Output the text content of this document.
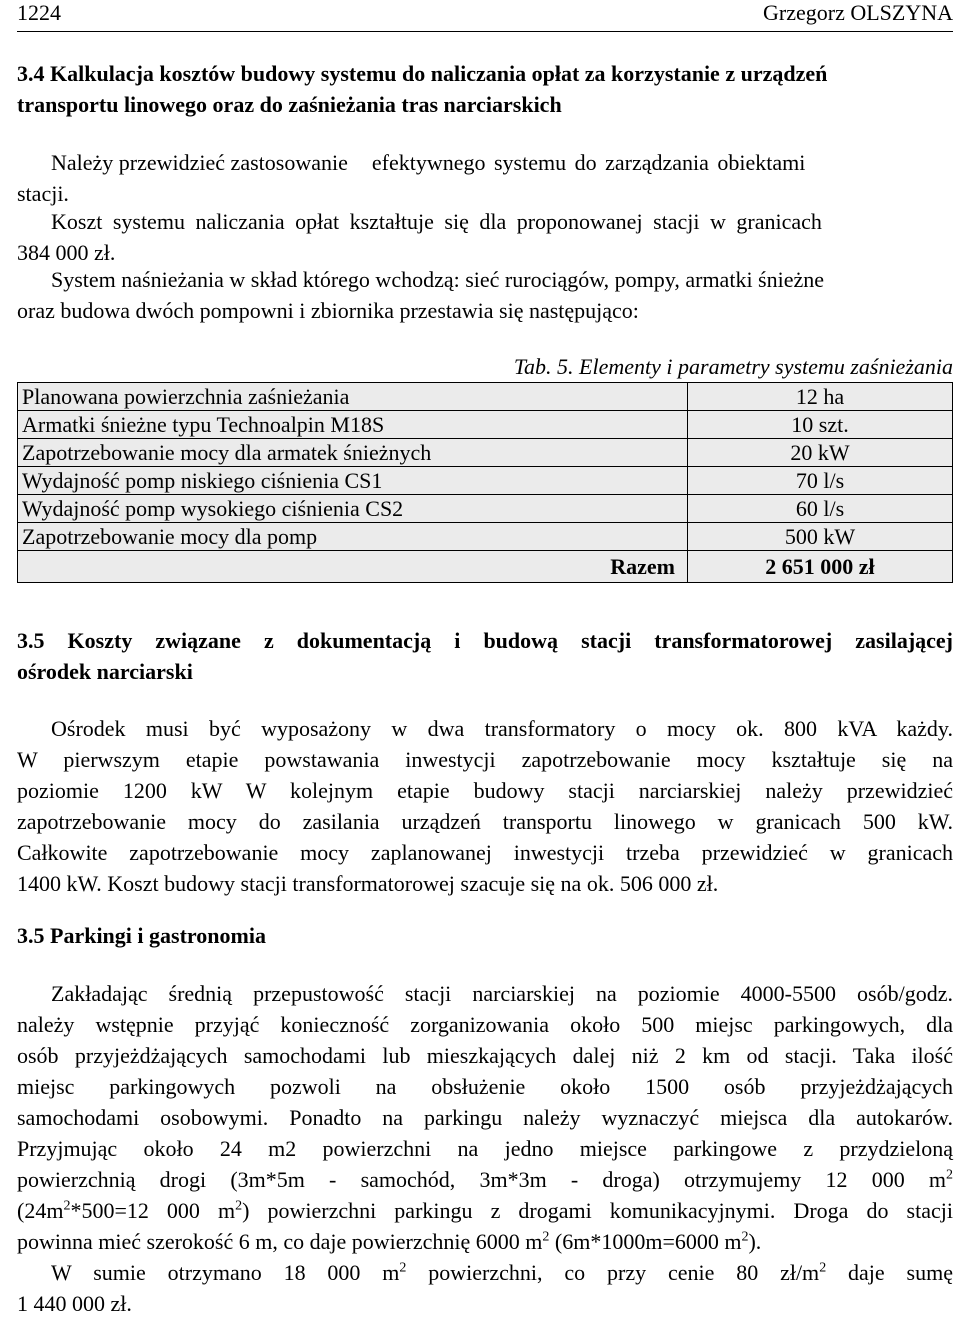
1224	Grzegorz OLSZYNA
3.4 Kalkulacja kosztów budowy systemu do naliczania opłat za korzystanie z urządzeń
transportu linowego oraz do zaśnieżania tras narciarskich
Należy przewidzieć zastosowanie efektywnego systemu do zarządzania obiektami
stacji.
Koszt systemu naliczania opłat kształtuje się dla proponowanej stacji w granicach
384 000 zł.
System naśnieżania w skład którego wchodzą: sieć rurociągów, pompy, armatki śnieżne
oraz budowa dwóch pompowni i zbiornika przestawia się następująco:
Tab. 5. Elementy i parametry systemu zaśnieżania
Planowana powierzchnia zaśnieżania	12 ha
Armatki śnieżne typu Technoalpin M18S	10 szt.
Zapotrzebowanie mocy dla armatek śnieżnych	20 kW
Wydajność pomp niskiego ciśnienia CS1	70 l/s
Wydajność pomp wysokiego ciśnienia CS2	60 l/s
Zapotrzebowanie mocy dla pomp	500 kW
Razem	2 651 000 zł
3.5 Koszty związane z dokumentacją i budową stacji transformatorowej zasilającej
ośrodek narciarski
Ośrodek musi być wyposażony w dwa transformatory o mocy ok. 800 kVA każdy.
W pierwszym etapie powstawania inwestycji zapotrzebowanie mocy kształtuje się na
poziomie 1200 kW W kolejnym etapie budowy stacji narciarskiej należy przewidzieć
zapotrzebowanie mocy do zasilania urządzeń transportu linowego w granicach 500 kW.
Całkowite zapotrzebowanie mocy zaplanowanej inwestycji trzeba przewidzieć w granicach
1400 kW. Koszt budowy stacji transformatorowej szacuje się na ok. 506 000 zł.
3.5 Parkingi i gastronomia
Zakładając średnią przepustowość stacji narciarskiej na poziomie 4000-5500 osób/godz.
należy wstępnie przyjąć konieczność zorganizowania około 500 miejsc parkingowych, dla
osób przyjeżdżających samochodami lub mieszkających dalej niż 2 km od stacji. Taka ilość
miejsc parkingowych pozwoli na obsłużenie około 1500 osób przyjeżdżających
samochodami osobowymi. Ponadto na parkingu należy wyznaczyć miejsca dla autokarów.
Przyjmując około 24 m2 powierzchni na jedno miejsce parkingowe z przydzieloną
powierzchnią drogi (3m*5m - samochód, 3m*3m - droga) otrzymujemy 12 000 $m^2$
($24m^2*500=12$ 000 $m^2$) powierzchni parkingu z drogami komunikacyjnymi. Droga do stacji
powinna mieć szerokość 6 m, co daje powierzchnię 6000 $m^2$ (6m*1000m=6000 $m^2$).
W sumie otrzymano 18 000 $m^2$ powierzchni, co przy cenie 80 $zł/m^2$ daje sumę
1 440 000 zł.
